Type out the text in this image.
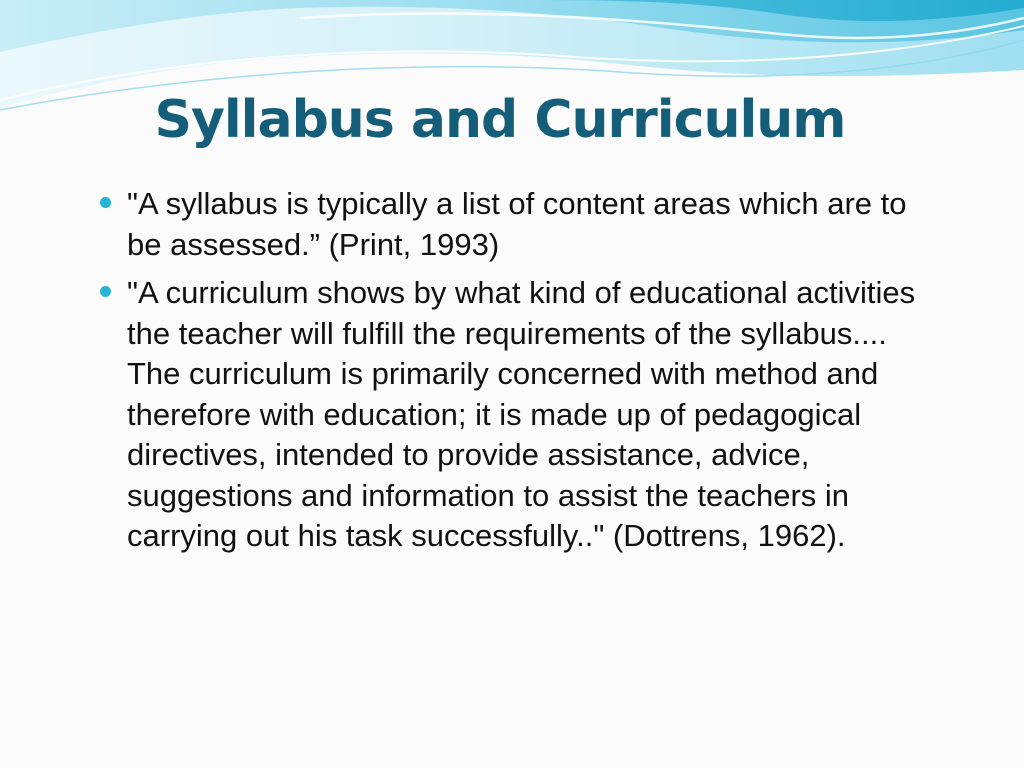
Syllabus and Curriculum
"A syllabus is typically a list of content areas which are to be assessed.” (Print, 1993)
"A curriculum shows by what kind of educational activities the teacher will fulfill the requirements of the syllabus.... The curriculum is primarily concerned with method and therefore with education; it is made up of pedagogical directives, intended to provide assistance, advice, suggestions and information to assist the teachers in carrying out his task successfully.." (Dottrens, 1962).
